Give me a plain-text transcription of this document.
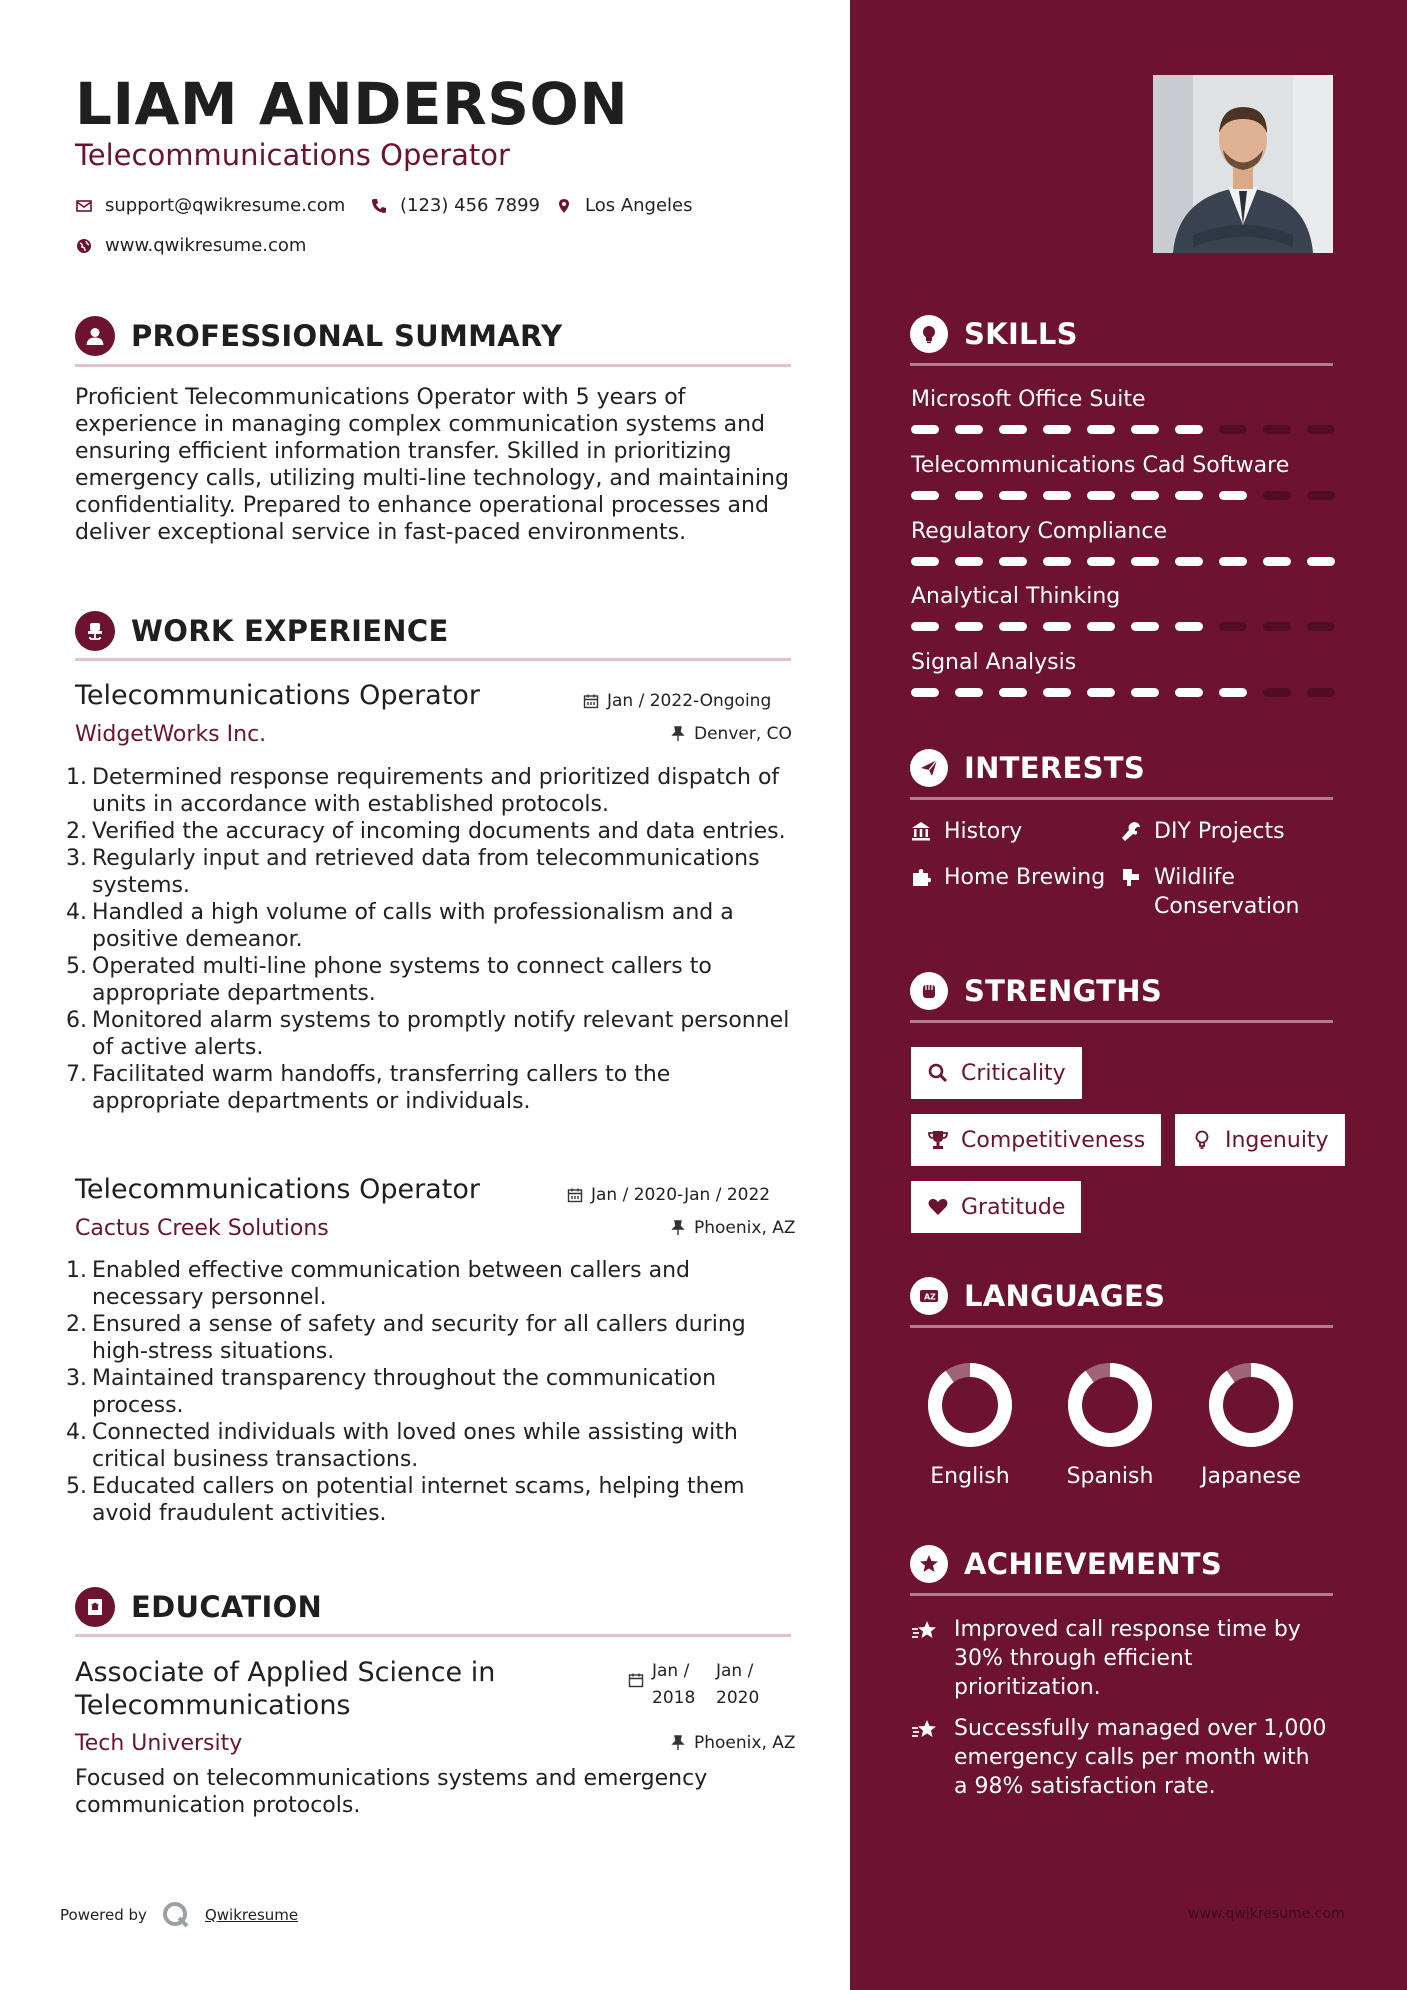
LIAM ANDERSON
Telecommunications Operator
support@qwikresume.com	(123) 456 7899 Los Angeles
www.qwikresume.com
PROFESSIONAL SUMMARY
Proficient Telecommunications Operator with 5 years of experience in managing complex communication systems and ensuring efficient information transfer. Skilled in prioritizing emergency calls, utilizing multi-line technology, and maintaining confidentiality. Prepared to enhance operational processes and deliver exceptional service in fast-paced environments.
WORK EXPERIENCE
Telecommunications Operator	Jan / 2022-Ongoing
WidgetWorks Inc.	Denver, CO
1. Determined response requirements and prioritized dispatch of units in accordance with established protocols.
2. Verified the accuracy of incoming documents and data entries.
3. Regularly input and retrieved data from telecommunications systems.
4. Handled a high volume of calls with professionalism and a positive demeanor.
5. Operated multi-line phone systems to connect callers to appropriate departments.
6. Monitored alarm systems to promptly notify relevant personnel of active alerts.
7. Facilitated warm handoffs, transferring callers to the appropriate departments or individuals.
Telecommunications Operator	Jan / 2020-Jan / 2022
Cactus Creek Solutions	Phoenix, AZ
1. Enabled effective communication between callers and necessary personnel.
2. Ensured a sense of safety and security for all callers during high-stress situations.
3. Maintained transparency throughout the communication process.
4. Connected individuals with loved ones while assisting with critical business transactions.
5. Educated callers on potential internet scams, helping them avoid fraudulent activities.
EDUCATION
Associate of Applied Science in
Telecommunications
Jan /
2018
Jan /
2020
Tech University	Phoenix, AZ
Focused on telecommunications systems and emergency communication protocols.
Powered by	Qwikresume	www.qwikresume.com
SKILLS
Microsoft Office Suite
Telecommunications Cad Software
Regulatory Compliance
Analytical Thinking
Signal Analysis
INTERESTS
History	DIY Projects
Home Brewing Wildlife
Conservation
STRENGTHS
Criticality
Competitiveness	Ingenuity
Gratitude
A Z LANGUAGES
English	Spanish Japanese
ACHIEVEMENTS
Improved call response time by
30% through efficient
prioritization.
Successfully managed over 1,000
emergency calls per month with
a 98% satisfaction rate.
